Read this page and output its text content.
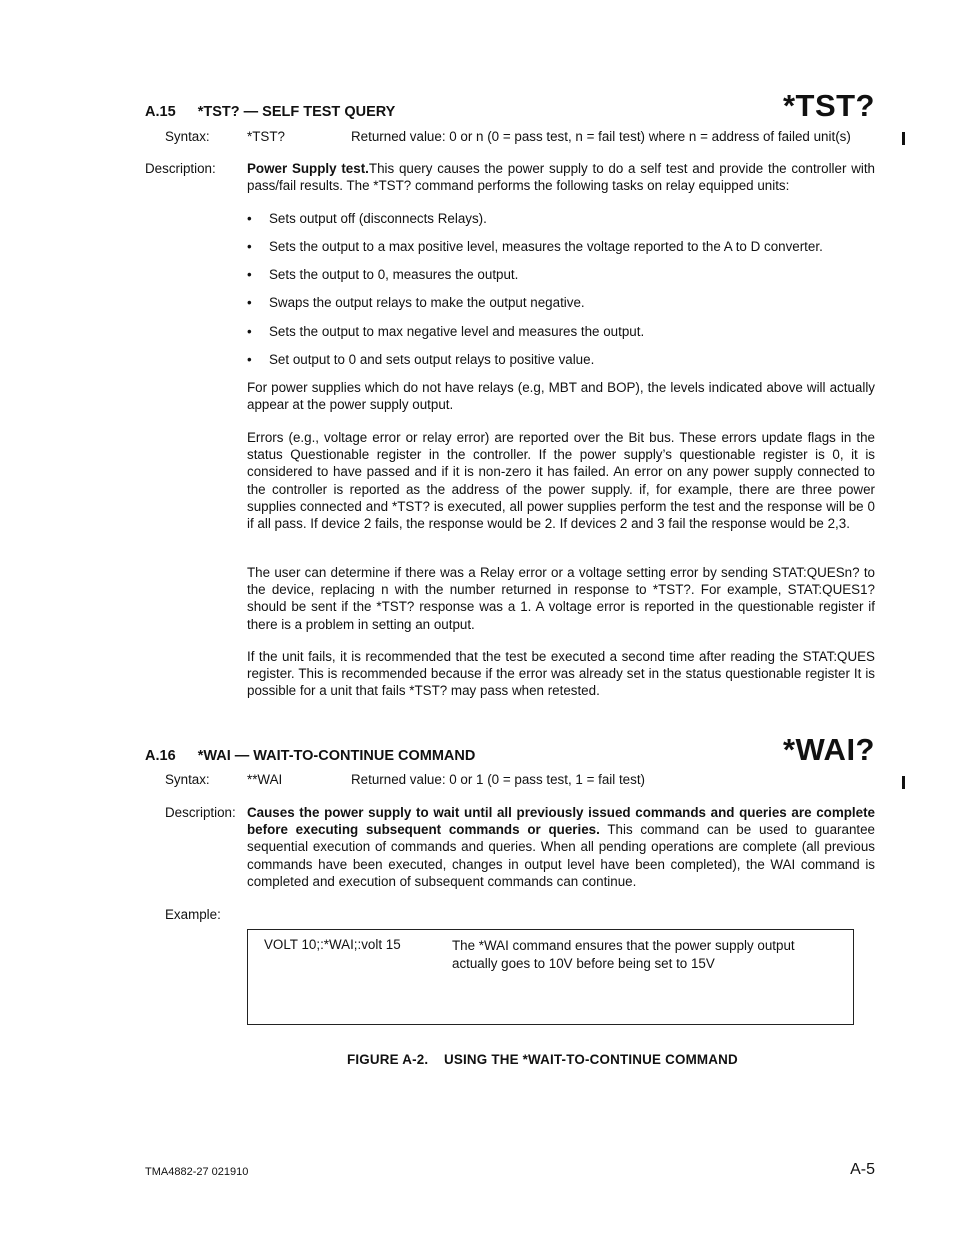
A.15 *TST? — SELF TEST QUERY	*TST?
Syntax:	*TST?	Returned value: 0 or n (0 = pass test, n = fail test) where n = address of failed unit(s)
Description: Power Supply test.This query causes the power supply to do a self test and provide the controller with pass/fail results. The *TST? command performs the following tasks on relay equipped units:
• Sets output off (disconnects Relays).
• Sets the output to a max positive level, measures the voltage reported to the A to D converter.
• Sets the output to 0, measures the output.
• Swaps the output relays to make the output negative.
• Sets the output to max negative level and measures the output.
• Set output to 0 and sets output relays to positive value.
For power supplies which do not have relays (e.g, MBT and BOP), the levels indicated above will actually appear at the power supply output.
Errors (e.g., voltage error or relay error) are reported over the Bit bus. These errors update flags in the status Questionable register in the controller. If the power supply’s questionable register is 0, it is considered to have passed and if it is non-zero it has failed. An error on any power supply connected to the controller is reported as the address of the power supply. if, for example, there are three power supplies connected and *TST? is executed, all power supplies perform the test and the response will be 0 if all pass. If device 2 fails, the response would be 2. If devices 2 and 3 fail the response would be 2,3.
The user can determine if there was a Relay error or a voltage setting error by sending STAT:QUESn? to the device, replacing n with the number returned in response to *TST?. For example, STAT:QUES1? should be sent if the *TST? response was a 1. A voltage error is reported in the questionable register if there is a problem in setting an output.
If the unit fails, it is recommended that the test be executed a second time after reading the STAT:QUES register. This is recommended because if the error was already set in the status questionable register It is possible for a unit that fails *TST? may pass when retested.
A.16 *WAI — WAIT-TO-CONTINUE COMMAND	*WAI?
Syntax:	**WAI	Returned value: 0 or 1 (0 = pass test, 1 = fail test)
Description: Causes the power supply to wait until all previously issued commands and queries are complete before executing subsequent commands or queries. This command can be used to guarantee sequential execution of commands and queries. When all pending operations are complete (all previous commands have been executed, changes in output level have been completed), the WAI command is completed and execution of subsequent commands can continue.
Example:
VOLT 10;:*WAI;:volt 15	The *WAI command ensures that the power supply output actually goes to 10V before being set to 15V
FIGURE A-2.    USING THE *WAIT-TO-CONTINUE COMMAND
TMA4882-27 021910	A-5
